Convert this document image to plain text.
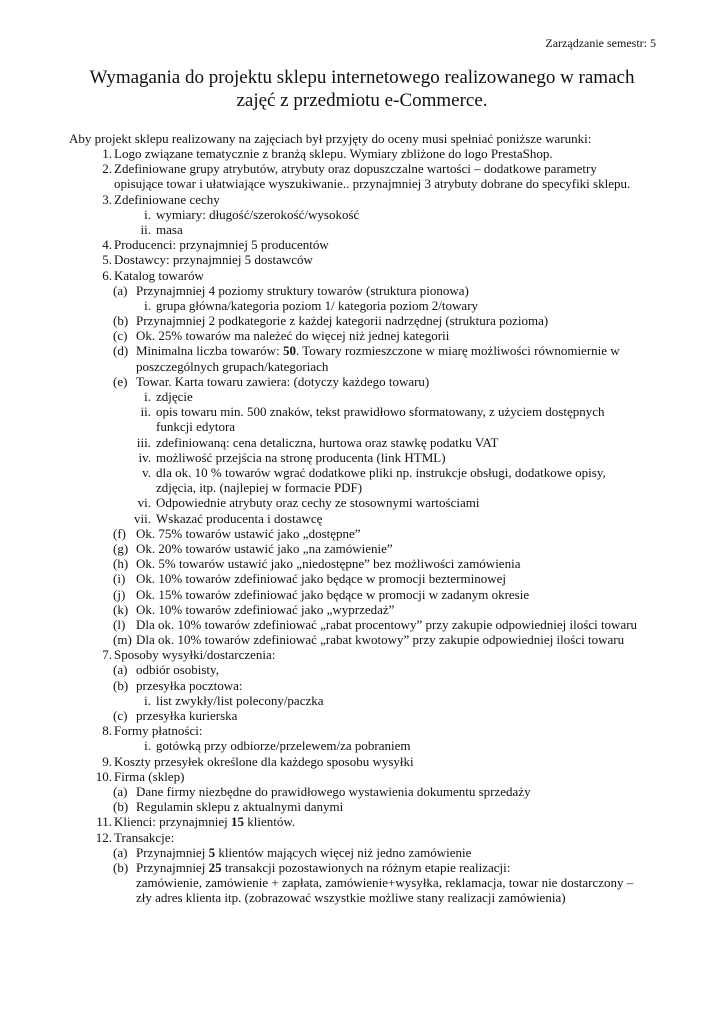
Zarządzanie semestr: 5
Wymagania do projektu sklepu internetowego realizowanego w ramach
zajęć z przedmiotu e-Commerce.
Aby projekt sklepu realizowany na zajęciach był przyjęty do oceny musi spełniać poniższe warunki:
1. Logo związane tematycznie z branżą sklepu. Wymiary zbliżone do logo PrestaShop.
2. Zdefiniowane grupy atrybutów, atrybuty oraz dopuszczalne wartości – dodatkowe parametry
opisujące towar i ułatwiające wyszukiwanie.. przynajmniej 3 atrybuty dobrane do specyfiki sklepu.
3. Zdefiniowane cechy
i. wymiary: długość/szerokość/wysokość
ii. masa
4. Producenci: przynajmniej 5 producentów
5. Dostawcy: przynajmniej 5 dostawców
6. Katalog towarów
(a) Przynajmniej 4 poziomy struktury towarów (struktura pionowa)
i. grupa główna/kategoria poziom 1/ kategoria poziom 2/towary
(b) Przynajmniej 2 podkategorie z każdej kategorii nadrzędnej (struktura pozioma)
(c) Ok. 25% towarów ma należeć do więcej niż jednej kategorii
(d) Minimalna liczba towarów: 50. Towary rozmieszczone w miarę możliwości równomiernie w
poszczególnych grupach/kategoriach
(e) Towar. Karta towaru zawiera: (dotyczy każdego towaru)
i. zdjęcie
ii. opis towaru min. 500 znaków, tekst prawidłowo sformatowany, z użyciem dostępnych
funkcji edytora
iii. zdefiniowaną: cena detaliczna, hurtowa oraz stawkę podatku VAT
iv. możliwość przejścia na stronę producenta (link HTML)
v. dla ok. 10 % towarów wgrać dodatkowe pliki np. instrukcje obsługi, dodatkowe opisy,
zdjęcia, itp. (najlepiej w formacie PDF)
vi. Odpowiednie atrybuty oraz cechy ze stosownymi wartościami
vii. Wskazać producenta i dostawcę
(f) Ok. 75% towarów ustawić jako „dostępne”
(g) Ok. 20% towarów ustawić jako „na zamówienie”
(h) Ok. 5% towarów ustawić jako „niedostępne” bez możliwości zamówienia
(i) Ok. 10% towarów zdefiniować jako będące w promocji bezterminowej
(j) Ok. 15% towarów zdefiniować jako będące w promocji w zadanym okresie
(k) Ok. 10% towarów zdefiniować jako „wyprzedaż”
(l) Dla ok. 10% towarów zdefiniować „rabat procentowy” przy zakupie odpowiedniej ilości towaru
(m) Dla ok. 10% towarów zdefiniować „rabat kwotowy” przy zakupie odpowiedniej ilości towaru
7. Sposoby wysyłki/dostarczenia:
(a) odbiór osobisty,
(b) przesyłka pocztowa:
i. list zwykły/list polecony/paczka
(c) przesyłka kurierska
8. Formy płatności:
i. gotówką przy odbiorze/przelewem/za pobraniem
9. Koszty przesyłek określone dla każdego sposobu wysyłki
10. Firma (sklep)
(a) Dane firmy niezbędne do prawidłowego wystawienia dokumentu sprzedaży
(b) Regulamin sklepu z aktualnymi danymi
11. Klienci: przynajmniej 15 klientów.
12. Transakcje:
(a) Przynajmniej 5 klientów mających więcej niż jedno zamówienie
(b) Przynajmniej 25 transakcji pozostawionych na różnym etapie realizacji:
zamówienie, zamówienie + zapłata, zamówienie+wysyłka, reklamacja, towar nie dostarczony –
zły adres klienta itp. (zobrazować wszystkie możliwe stany realizacji zamówienia)
